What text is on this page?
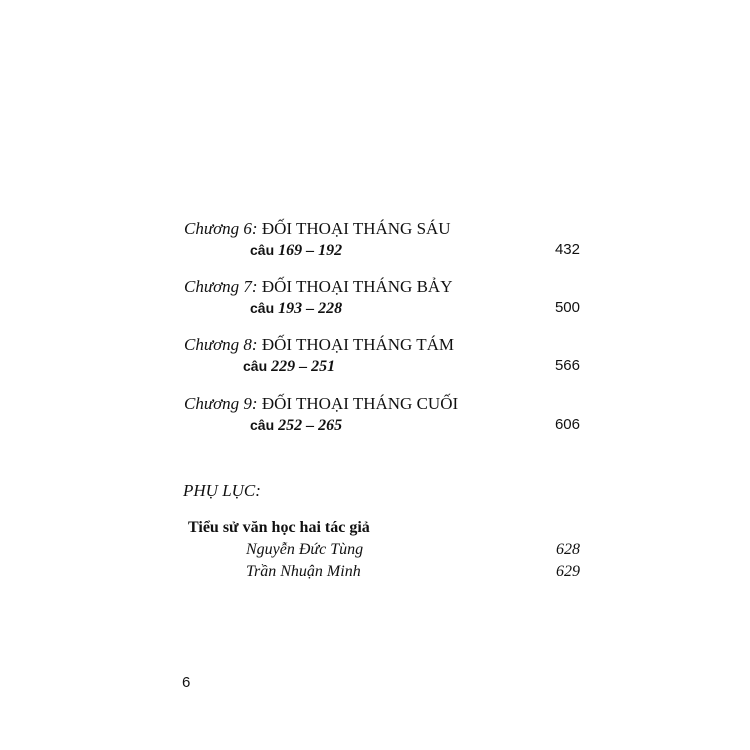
Chương 6: ĐỐI THOẠI THÁNG SÁU
câu 169 – 192	432
Chương 7: ĐỐI THOẠI THÁNG BẢY
câu 193 – 228	500
Chương 8: ĐỐI THOẠI THÁNG TÁM
câu 229 – 251	566
Chương 9: ĐỐI THOẠI THÁNG CUỐI
câu 252 – 265	606
PHỤ LỤC:
Tiểu sử văn học hai tác giả
Nguyễn Đức Tùng	628
Trần Nhuận Minh	629
6
